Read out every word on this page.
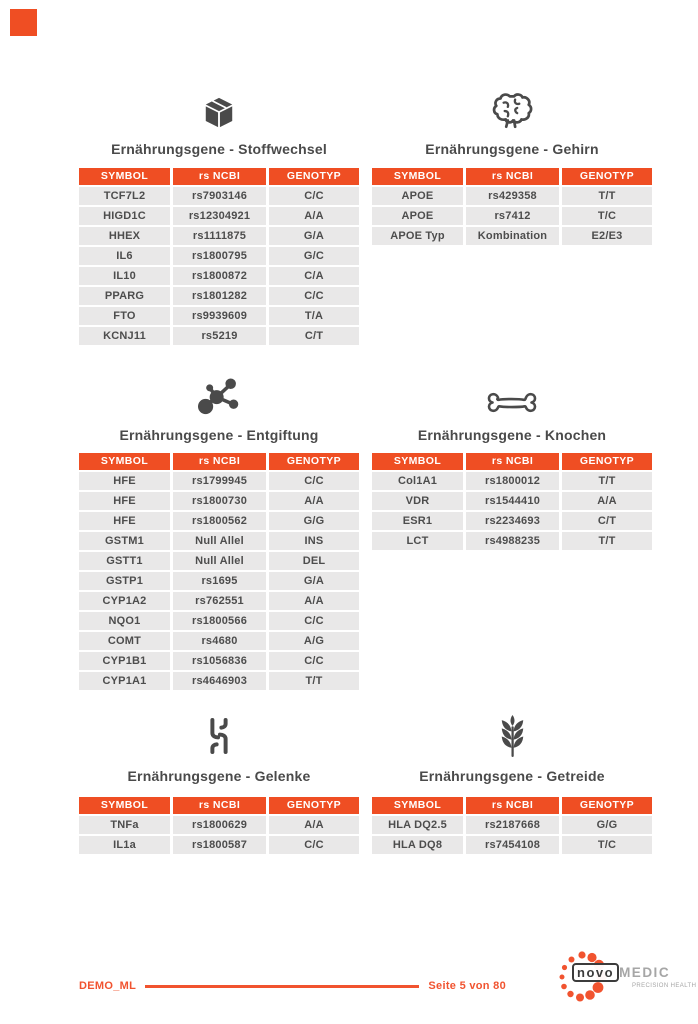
Ernährungsgene - Stoffwechsel
SYMBOL	rs NCBI	GENOTYP
TCF7L2	rs7903146	C/C
HIGD1C	rs12304921	A/A
HHEX	rs1111875	G/A
IL6	rs1800795	G/C
IL10	rs1800872	C/A
PPARG	rs1801282	C/C
FTO	rs9939609	T/A
KCNJ11	rs5219	C/T
Ernährungsgene - Gehirn
SYMBOL	rs NCBI	GENOTYP
APOE	rs429358	T/T
APOE	rs7412	T/C
APOE Typ	Kombination	E2/E3
Ernährungsgene - Entgiftung
SYMBOL	rs NCBI	GENOTYP
HFE	rs1799945	C/C
HFE	rs1800730	A/A
HFE	rs1800562	G/G
GSTM1	Null Allel	INS
GSTT1	Null Allel	DEL
GSTP1	rs1695	G/A
CYP1A2	rs762551	A/A
NQO1	rs1800566	C/C
COMT	rs4680	A/G
CYP1B1	rs1056836	C/C
CYP1A1	rs4646903	T/T
Ernährungsgene - Knochen
SYMBOL	rs NCBI	GENOTYP
Col1A1	rs1800012	T/T
VDR	rs1544410	A/A
ESR1	rs2234693	C/T
LCT	rs4988235	T/T
Ernährungsgene - Gelenke
SYMBOL	rs NCBI	GENOTYP
TNFa	rs1800629	A/A
IL1a	rs1800587	C/C
Ernährungsgene - Getreide
SYMBOL	rs NCBI	GENOTYP
HLA DQ2.5	rs2187668	G/G
HLA DQ8	rs7454108	T/C
DEMO_ML	Seite 5 von 80
novo MEDIC
PRECISION HEALTH
